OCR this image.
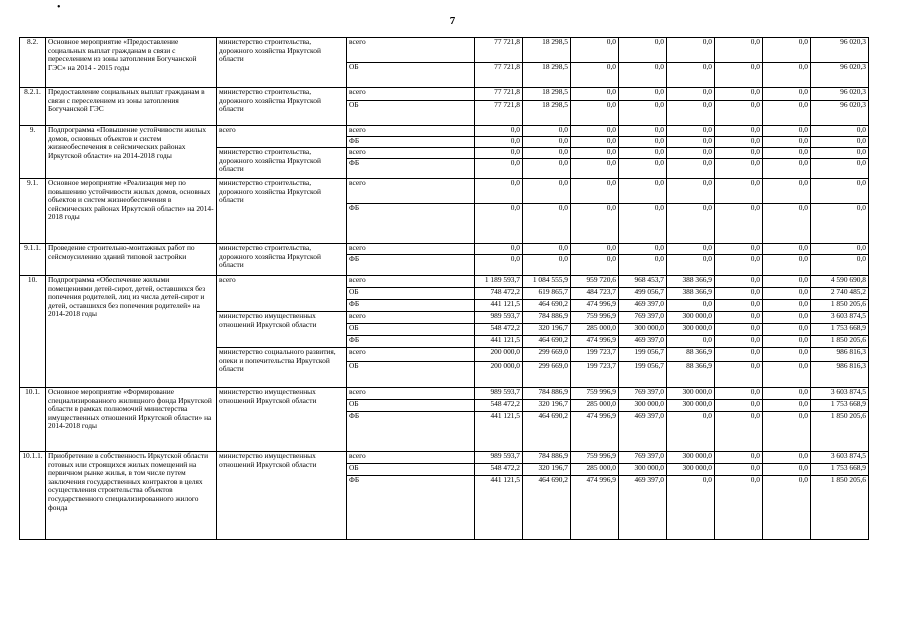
•
7
8.2.	Основное мероприятие «Предоставление социальных выплат гражданам в связи с переселением из зоны затопления Богучанской ГЭС» на 2014 - 2015 годы	министерство строительства, дорожного хозяйства Иркутской области	всего	77 721,8	18 298,5	0,0	0,0	0,0	0,0	0,0	96 020,3
			ОБ	77 721,8	18 298,5	0,0	0,0	0,0	0,0	0,0	96 020,3
8.2.1.	Предоставление социальных выплат гражданам в связи с переселением из зоны затопления Богучанской ГЭС	министерство строительства, дорожного хозяйства Иркутской области	всего	77 721,8	18 298,5	0,0	0,0	0,0	0,0	0,0	96 020,3
			ОБ	77 721,8	18 298,5	0,0	0,0	0,0	0,0	0,0	96 020,3
9.	Подпрограмма «Повышение устойчивости жилых домов, основных объектов и систем жизнеобеспечения в сейсмических районах Иркутской области» на 2014-2018 годы	всего	всего	0,0	0,0	0,0	0,0	0,0	0,0	0,0	0,0
			ФБ	0,0	0,0	0,0	0,0	0,0	0,0	0,0	0,0
		министерство строительства, дорожного хозяйства Иркутской области	всего	0,0	0,0	0,0	0,0	0,0	0,0	0,0	0,0
			ФБ	0,0	0,0	0,0	0,0	0,0	0,0	0,0	0,0
9.1.	Основное мероприятие «Реализация мер по повышению устойчивости жилых домов, основных объектов и систем жизнеобеспечения в сейсмических районах Иркутской области» на 2014-2018 годы	министерство строительства, дорожного хозяйства Иркутской области	всего	0,0	0,0	0,0	0,0	0,0	0,0	0,0	0,0
			ФБ	0,0	0,0	0,0	0,0	0,0	0,0	0,0	0,0
9.1.1.	Проведение строительно-монтажных работ по сейсмоусилению зданий типовой застройки	министерство строительства, дорожного хозяйства Иркутской области	всего	0,0	0,0	0,0	0,0	0,0	0,0	0,0	0,0
			ФБ	0,0	0,0	0,0	0,0	0,0	0,0	0,0	0,0
10.	Подпрограмма «Обеспечение жилыми помещениями детей-сирот, детей, оставшихся без попечения родителей, лиц из числа детей-сирот и детей, оставшихся без попечения родителей» на 2014-2018 годы	всего	всего	1 189 593,7	1 084 555,9	959 720,6	968 453,7	388 366,9	0,0	0,0	4 590 690,8
			ОБ	748 472,2	619 865,7	484 723,7	499 056,7	388 366,9	0,0	0,0	2 740 485,2
			ФБ	441 121,5	464 690,2	474 996,9	469 397,0	0,0	0,0	0,0	1 850 205,6
		министерство имущественных отношений Иркутской области	всего	989 593,7	784 886,9	759 996,9	769 397,0	300 000,0	0,0	0,0	3 603 874,5
			ОБ	548 472,2	320 196,7	285 000,0	300 000,0	300 000,0	0,0	0,0	1 753 668,9
			ФБ	441 121,5	464 690,2	474 996,9	469 397,0	0,0	0,0	0,0	1 850 205,6
		министерство социального развития, опеки и попечительства Иркутской области	всего	200 000,0	299 669,0	199 723,7	199 056,7	88 366,9	0,0	0,0	986 816,3
			ОБ	200 000,0	299 669,0	199 723,7	199 056,7	88 366,9	0,0	0,0	986 816,3
10.1.	Основное мероприятие «Формирование специализированного жилищного фонда Иркутской области в рамках полномочий министерства имущественных отношений Иркутской области» на 2014-2018 годы	министерство имущественных отношений Иркутской области	всего	989 593,7	784 886,9	759 996,9	769 397,0	300 000,0	0,0	0,0	3 603 874,5
			ОБ	548 472,2	320 196,7	285 000,0	300 000,0	300 000,0	0,0	0,0	1 753 668,9
			ФБ	441 121,5	464 690,2	474 996,9	469 397,0	0,0	0,0	0,0	1 850 205,6
10.1.1.	Приобретение в собственность Иркутской области готовых или строящихся жилых помещений на первичном рынке жилья, в том числе путем заключения государственных контрактов в целях осуществления строительства объектов государственного специализированного жилого фонда	министерство имущественных отношений Иркутской области	всего	989 593,7	784 886,9	759 996,9	769 397,0	300 000,0	0,0	0,0	3 603 874,5
			ОБ	548 472,2	320 196,7	285 000,0	300 000,0	300 000,0	0,0	0,0	1 753 668,9
			ФБ	441 121,5	464 690,2	474 996,9	469 397,0	0,0	0,0	0,0	1 850 205,6
